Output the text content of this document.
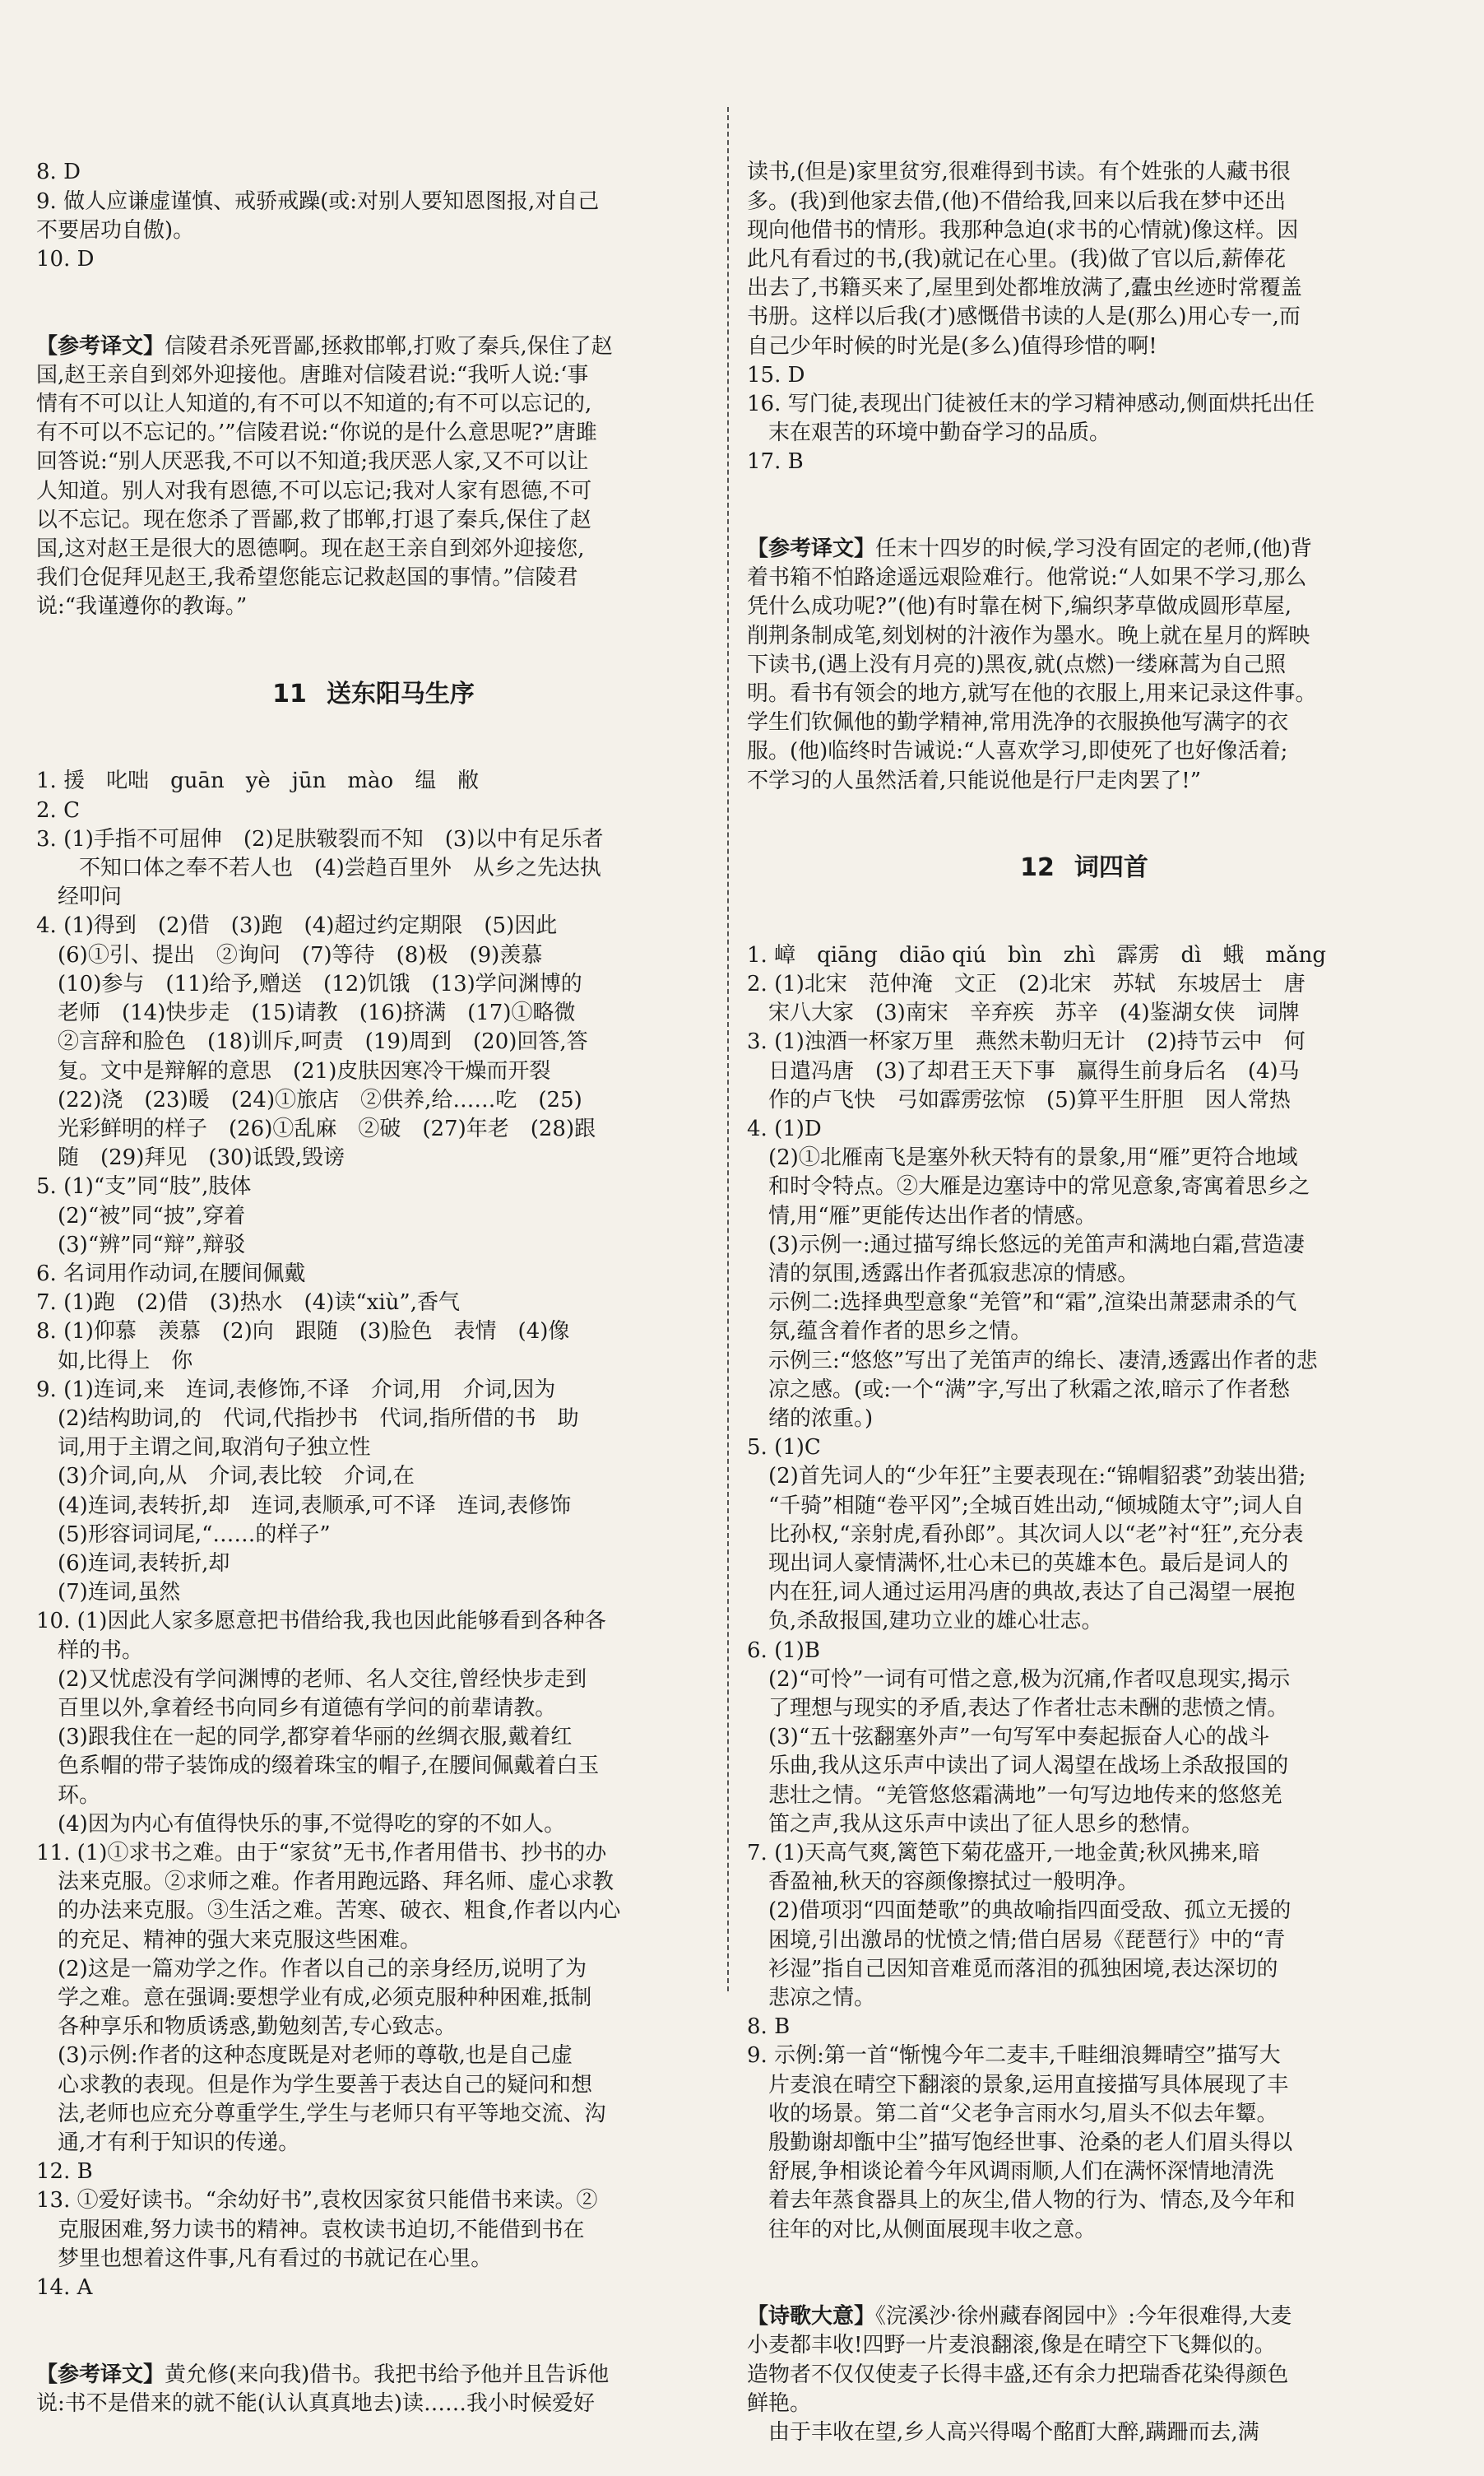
8. D
9. 做人应谦虚谨慎、戒骄戒躁(或:对别人要知恩图报,对自己
不要居功自傲)。
10. D

【参考译文】信陵君杀死晋鄙,拯救邯郸,打败了秦兵,保住了赵
国,赵王亲自到郊外迎接他。唐雎对信陵君说:“我听人说:‘事
情有不可以让人知道的,有不可以不知道的;有不可以忘记的,
有不可以不忘记的。’”信陵君说:“你说的是什么意思呢?”唐雎
回答说:“别人厌恶我,不可以不知道;我厌恶人家,又不可以让
人知道。别人对我有恩德,不可以忘记;我对人家有恩德,不可
以不忘记。现在您杀了晋鄙,救了邯郸,打退了秦兵,保住了赵
国,这对赵王是很大的恩德啊。现在赵王亲自到郊外迎接您,
我们仓促拜见赵王,我希望您能忘记救赵国的事情。”信陵君
说:“我谨遵你的教诲。”

11 送东阳马生序

1. 援　叱咄　guān　yè　jūn　mào　缊　敝
2. C
3. (1)手指不可屈伸　(2)足肤皲裂而不知　(3)以中有足乐者
　　不知口体之奉不若人也　(4)尝趋百里外　从乡之先达执
　经叩问
4. (1)得到　(2)借　(3)跑　(4)超过约定期限　(5)因此
　(6)①引、提出　②询问　(7)等待　(8)极　(9)羡慕
　(10)参与　(11)给予,赠送　(12)饥饿　(13)学问渊博的
　老师　(14)快步走　(15)请教　(16)挤满　(17)①略微
　②言辞和脸色　(18)训斥,呵责　(19)周到　(20)回答,答
　复。文中是辩解的意思　(21)皮肤因寒冷干燥而开裂
　(22)浇　(23)暖　(24)①旅店　②供养,给……吃　(25)
　光彩鲜明的样子　(26)①乱麻　②破　(27)年老　(28)跟
　随　(29)拜见　(30)诋毁,毁谤
5. (1)“支”同“肢”,肢体
　(2)“被”同“披”,穿着
　(3)“辨”同“辩”,辩驳
6. 名词用作动词,在腰间佩戴
7. (1)跑　(2)借　(3)热水　(4)读“xiù”,香气
8. (1)仰慕　羡慕　(2)向　跟随　(3)脸色　表情　(4)像
　如,比得上　你
9. (1)连词,来　连词,表修饰,不译　介词,用　介词,因为
　(2)结构助词,的　代词,代指抄书　代词,指所借的书　助
　词,用于主谓之间,取消句子独立性
　(3)介词,向,从　介词,表比较　介词,在
　(4)连词,表转折,却　连词,表顺承,可不译　连词,表修饰
　(5)形容词词尾,“……的样子”
　(6)连词,表转折,却
　(7)连词,虽然
10. (1)因此人家多愿意把书借给我,我也因此能够看到各种各
　样的书。
　(2)又忧虑没有学问渊博的老师、名人交往,曾经快步走到
　百里以外,拿着经书向同乡有道德有学问的前辈请教。
　(3)跟我住在一起的同学,都穿着华丽的丝绸衣服,戴着红
　色系帽的带子装饰成的缀着珠宝的帽子,在腰间佩戴着白玉
　环。
　(4)因为内心有值得快乐的事,不觉得吃的穿的不如人。
11. (1)①求书之难。由于“家贫”无书,作者用借书、抄书的办
　法来克服。②求师之难。作者用跑远路、拜名师、虚心求教
　的办法来克服。③生活之难。苦寒、破衣、粗食,作者以内心
　的充足、精神的强大来克服这些困难。
　(2)这是一篇劝学之作。作者以自己的亲身经历,说明了为
　学之难。意在强调:要想学业有成,必须克服种种困难,抵制
　各种享乐和物质诱惑,勤勉刻苦,专心致志。
　(3)示例:作者的这种态度既是对老师的尊敬,也是自己虚
　心求教的表现。但是作为学生要善于表达自己的疑问和想
　法,老师也应充分尊重学生,学生与老师只有平等地交流、沟
　通,才有利于知识的传递。
12. B
13. ①爱好读书。“余幼好书”,袁枚因家贫只能借书来读。②
　克服困难,努力读书的精神。袁枚读书迫切,不能借到书在
　梦里也想着这件事,凡有看过的书就记在心里。
14. A

【参考译文】黄允修(来向我)借书。我把书给予他并且告诉他
说:书不是借来的就不能(认认真真地去)读……我小时候爱好

读书,(但是)家里贫穷,很难得到书读。有个姓张的人藏书很
多。(我)到他家去借,(他)不借给我,回来以后我在梦中还出
现向他借书的情形。我那种急迫(求书的心情就)像这样。因
此凡有看过的书,(我)就记在心里。(我)做了官以后,薪俸花
出去了,书籍买来了,屋里到处都堆放满了,蠹虫丝迹时常覆盖
书册。这样以后我(才)感慨借书读的人是(那么)用心专一,而
自己少年时候的时光是(多么)值得珍惜的啊!
15. D
16. 写门徒,表现出门徒被任末的学习精神感动,侧面烘托出任
　末在艰苦的环境中勤奋学习的品质。
17. B

【参考译文】任末十四岁的时候,学习没有固定的老师,(他)背
着书箱不怕路途遥远艰险难行。他常说:“人如果不学习,那么
凭什么成功呢?”(他)有时靠在树下,编织茅草做成圆形草屋,
削荆条制成笔,刻划树的汁液作为墨水。晚上就在星月的辉映
下读书,(遇上没有月亮的)黑夜,就(点燃)一缕麻蒿为自己照
明。看书有领会的地方,就写在他的衣服上,用来记录这件事。
学生们钦佩他的勤学精神,常用洗净的衣服换他写满字的衣
服。(他)临终时告诫说:“人喜欢学习,即使死了也好像活着;
不学习的人虽然活着,只能说他是行尸走肉罢了!”

12 词四首

1. 嶂　qiāng　diāo qiú　bìn　zhì　霹雳　dì　蛾　mǎng
2. (1)北宋　范仲淹　文正　(2)北宋　苏轼　东坡居士　唐
　宋八大家　(3)南宋　辛弃疾　苏辛　(4)鉴湖女侠　词牌
3. (1)浊酒一杯家万里　燕然未勒归无计　(2)持节云中　何
　日遣冯唐　(3)了却君王天下事　赢得生前身后名　(4)马
　作的卢飞快　弓如霹雳弦惊　(5)算平生肝胆　因人常热
4. (1)D
　(2)①北雁南飞是塞外秋天特有的景象,用“雁”更符合地域
　和时令特点。②大雁是边塞诗中的常见意象,寄寓着思乡之
　情,用“雁”更能传达出作者的情感。
　(3)示例一:通过描写绵长悠远的羌笛声和满地白霜,营造凄
　清的氛围,透露出作者孤寂悲凉的情感。
　示例二:选择典型意象“羌管”和“霜”,渲染出萧瑟肃杀的气
　氛,蕴含着作者的思乡之情。
　示例三:“悠悠”写出了羌笛声的绵长、凄清,透露出作者的悲
　凉之感。(或:一个“满”字,写出了秋霜之浓,暗示了作者愁
　绪的浓重。)
5. (1)C
　(2)首先词人的“少年狂”主要表现在:“锦帽貂裘”劲装出猎;
　“千骑”相随“卷平冈”;全城百姓出动,“倾城随太守”;词人自
　比孙权,“亲射虎,看孙郎”。其次词人以“老”衬“狂”,充分表
　现出词人豪情满怀,壮心未已的英雄本色。最后是词人的
　内在狂,词人通过运用冯唐的典故,表达了自己渴望一展抱
　负,杀敌报国,建功立业的雄心壮志。
6. (1)B
　(2)“可怜”一词有可惜之意,极为沉痛,作者叹息现实,揭示
　了理想与现实的矛盾,表达了作者壮志未酬的悲愤之情。
　(3)“五十弦翻塞外声”一句写军中奏起振奋人心的战斗
　乐曲,我从这乐声中读出了词人渴望在战场上杀敌报国的
　悲壮之情。“羌管悠悠霜满地”一句写边地传来的悠悠羌
　笛之声,我从这乐声中读出了征人思乡的愁情。
7. (1)天高气爽,篱笆下菊花盛开,一地金黄;秋风拂来,暗
　香盈袖,秋天的容颜像擦拭过一般明净。
　(2)借项羽“四面楚歌”的典故喻指四面受敌、孤立无援的
　困境,引出激昂的忧愤之情;借白居易《琵琶行》中的“青
　衫湿”指自己因知音难觅而落泪的孤独困境,表达深切的
　悲凉之情。
8. B
9. 示例:第一首“惭愧今年二麦丰,千畦细浪舞晴空”描写大
　片麦浪在晴空下翻滚的景象,运用直接描写具体展现了丰
　收的场景。第二首“父老争言雨水匀,眉头不似去年颦。
　殷勤谢却甑中尘”描写饱经世事、沧桑的老人们眉头得以
　舒展,争相谈论着今年风调雨顺,人们在满怀深情地清洗
　着去年蒸食器具上的灰尘,借人物的行为、情态,及今年和
　往年的对比,从侧面展现丰收之意。

【诗歌大意】《浣溪沙·徐州藏春阁园中》:今年很难得,大麦
小麦都丰收!四野一片麦浪翻滚,像是在晴空下飞舞似的。
造物者不仅仅使麦子长得丰盛,还有余力把瑞香花染得颜色
鲜艳。
　由于丰收在望,乡人高兴得喝个酩酊大醉,蹒跚而去,满
